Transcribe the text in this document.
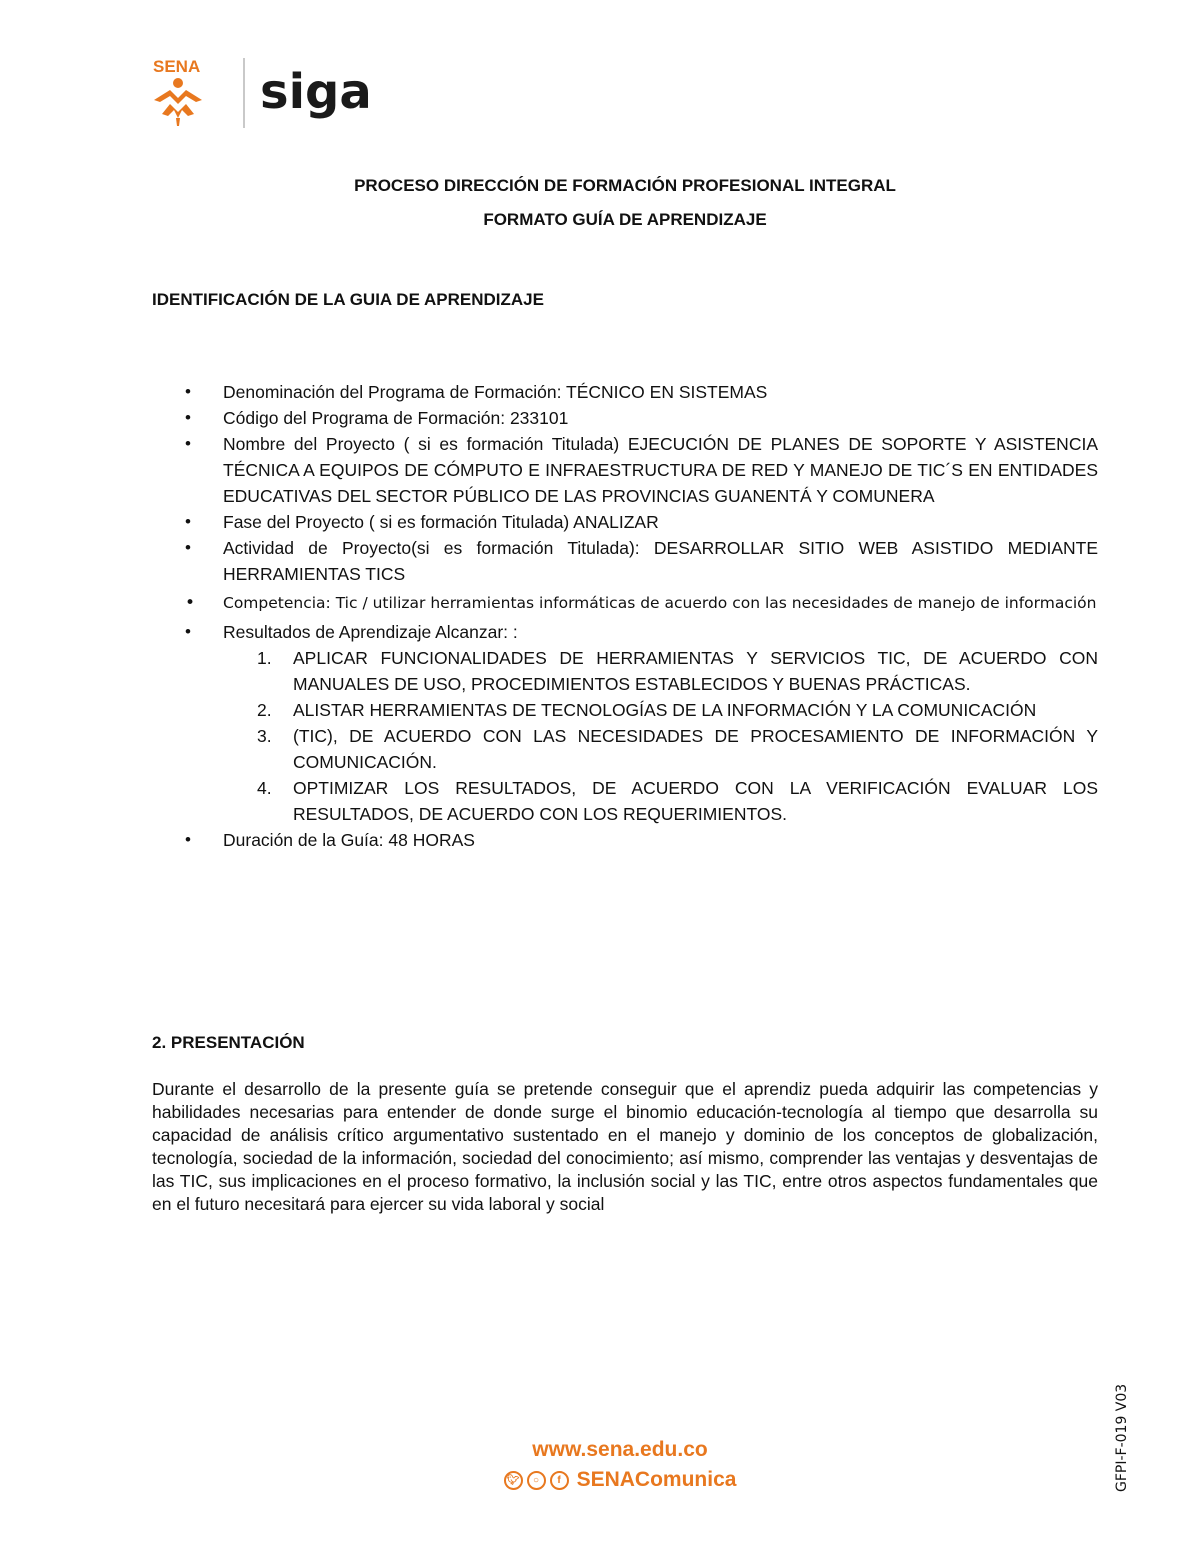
SENA siga
PROCESO DIRECCIÓN DE FORMACIÓN PROFESIONAL INTEGRAL
FORMATO GUÍA DE APRENDIZAJE
IDENTIFICACIÓN DE LA GUIA DE APRENDIZAJE
• Denominación del Programa de Formación: TÉCNICO EN SISTEMAS
• Código del Programa de Formación: 233101
• Nombre del Proyecto ( si es formación Titulada) EJECUCIÓN DE PLANES DE SOPORTE Y ASISTENCIA TÉCNICA A EQUIPOS DE CÓMPUTO E INFRAESTRUCTURA DE RED Y MANEJO DE TIC´S EN ENTIDADES EDUCATIVAS DEL SECTOR PÚBLICO DE LAS PROVINCIAS GUANENTÁ Y COMUNERA
• Fase del Proyecto ( si es formación Titulada) ANALIZAR
• Actividad de Proyecto(si es formación Titulada): DESARROLLAR SITIO WEB ASISTIDO MEDIANTE HERRAMIENTAS TICS
• Competencia: Tic / utilizar herramientas informáticas de acuerdo con las necesidades de manejo de información
• Resultados de Aprendizaje Alcanzar: :
1. APLICAR FUNCIONALIDADES DE HERRAMIENTAS Y SERVICIOS TIC, DE ACUERDO CON MANUALES DE USO, PROCEDIMIENTOS ESTABLECIDOS Y BUENAS PRÁCTICAS.
2. ALISTAR HERRAMIENTAS DE TECNOLOGÍAS DE LA INFORMACIÓN Y LA COMUNICACIÓN
3. (TIC), DE ACUERDO CON LAS NECESIDADES DE PROCESAMIENTO DE INFORMACIÓN Y COMUNICACIÓN.
4. OPTIMIZAR LOS RESULTADOS, DE ACUERDO CON LA VERIFICACIÓN EVALUAR LOS RESULTADOS, DE ACUERDO CON LOS REQUERIMIENTOS.
• Duración de la Guía: 48 HORAS
2. PRESENTACIÓN

Durante el desarrollo de la presente guía se pretende conseguir que el aprendiz pueda adquirir las competencias y habilidades necesarias para entender de donde surge el binomio educación-tecnología al tiempo que desarrolla su capacidad de análisis crítico argumentativo sustentado en el manejo y dominio de los conceptos de globalización, tecnología, sociedad de la información, sociedad del conocimiento; así mismo, comprender las ventajas y desventajas de las TIC, sus implicaciones en el proceso formativo, la inclusión social y las TIC, entre otros aspectos fundamentales que en el futuro necesitará para ejercer su vida laboral y social

www.sena.edu.co
🐦︎	○	f SENAComunica	GFPI-F-019 V03
